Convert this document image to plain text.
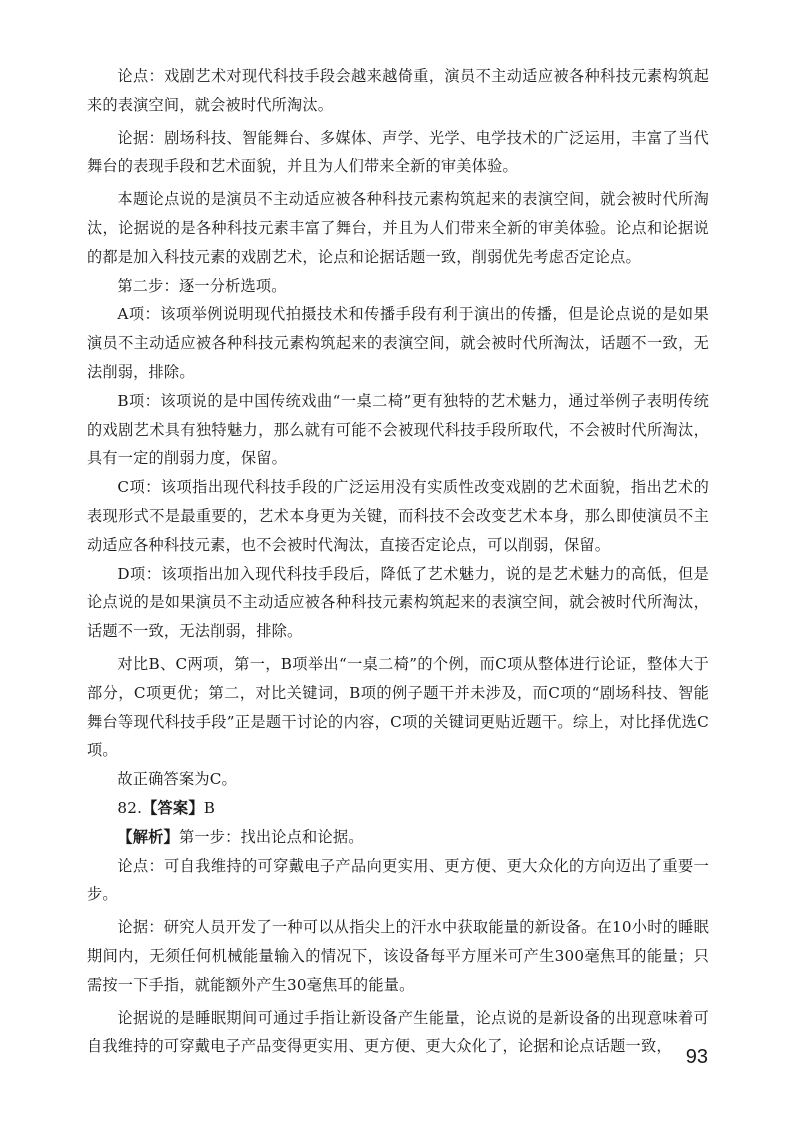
论点：戏剧艺术对现代科技手段会越来越倚重，演员不主动适应被各种科技元素构筑起来的表演空间，就会被时代所淘汰。

论据：剧场科技、智能舞台、多媒体、声学、光学、电学技术的广泛运用，丰富了当代舞台的表现手段和艺术面貌，并且为人们带来全新的审美体验。

本题论点说的是演员不主动适应被各种科技元素构筑起来的表演空间，就会被时代所淘汰，论据说的是各种科技元素丰富了舞台，并且为人们带来全新的审美体验。论点和论据说的都是加入科技元素的戏剧艺术，论点和论据话题一致，削弱优先考虑否定论点。

第二步：逐一分析选项。

A项：该项举例说明现代拍摄技术和传播手段有利于演出的传播，但是论点说的是如果演员不主动适应被各种科技元素构筑起来的表演空间，就会被时代所淘汰，话题不一致，无法削弱，排除。

B项：该项说的是中国传统戏曲“一桌二椅”更有独特的艺术魅力，通过举例子表明传统的戏剧艺术具有独特魅力，那么就有可能不会被现代科技手段所取代，不会被时代所淘汰，具有一定的削弱力度，保留。

C项：该项指出现代科技手段的广泛运用没有实质性改变戏剧的艺术面貌，指出艺术的表现形式不是最重要的，艺术本身更为关键，而科技不会改变艺术本身，那么即使演员不主动适应各种科技元素，也不会被时代淘汰，直接否定论点，可以削弱，保留。

D项：该项指出加入现代科技手段后，降低了艺术魅力，说的是艺术魅力的高低，但是论点说的是如果演员不主动适应被各种科技元素构筑起来的表演空间，就会被时代所淘汰，话题不一致，无法削弱，排除。

对比B、C两项，第一，B项举出“一桌二椅”的个例，而C项从整体进行论证，整体大于部分，C项更优；第二，对比关键词，B项的例子题干并未涉及，而C项的“剧场科技、智能舞台等现代科技手段”正是题干讨论的内容，C项的关键词更贴近题干。综上，对比择优选C项。

故正确答案为C。

82.【答案】B

【解析】第一步：找出论点和论据。

论点：可自我维持的可穿戴电子产品向更实用、更方便、更大众化的方向迈出了重要一步。

论据：研究人员开发了一种可以从指尖上的汗水中获取能量的新设备。在10小时的睡眠期间内，无须任何机械能量输入的情况下，该设备每平方厘米可产生300毫焦耳的能量；只需按一下手指，就能额外产生30毫焦耳的能量。

论据说的是睡眠期间可通过手指让新设备产生能量，论点说的是新设备的出现意味着可自我维持的可穿戴电子产品变得更实用、更方便、更大众化了，论据和论点话题一致， 93
